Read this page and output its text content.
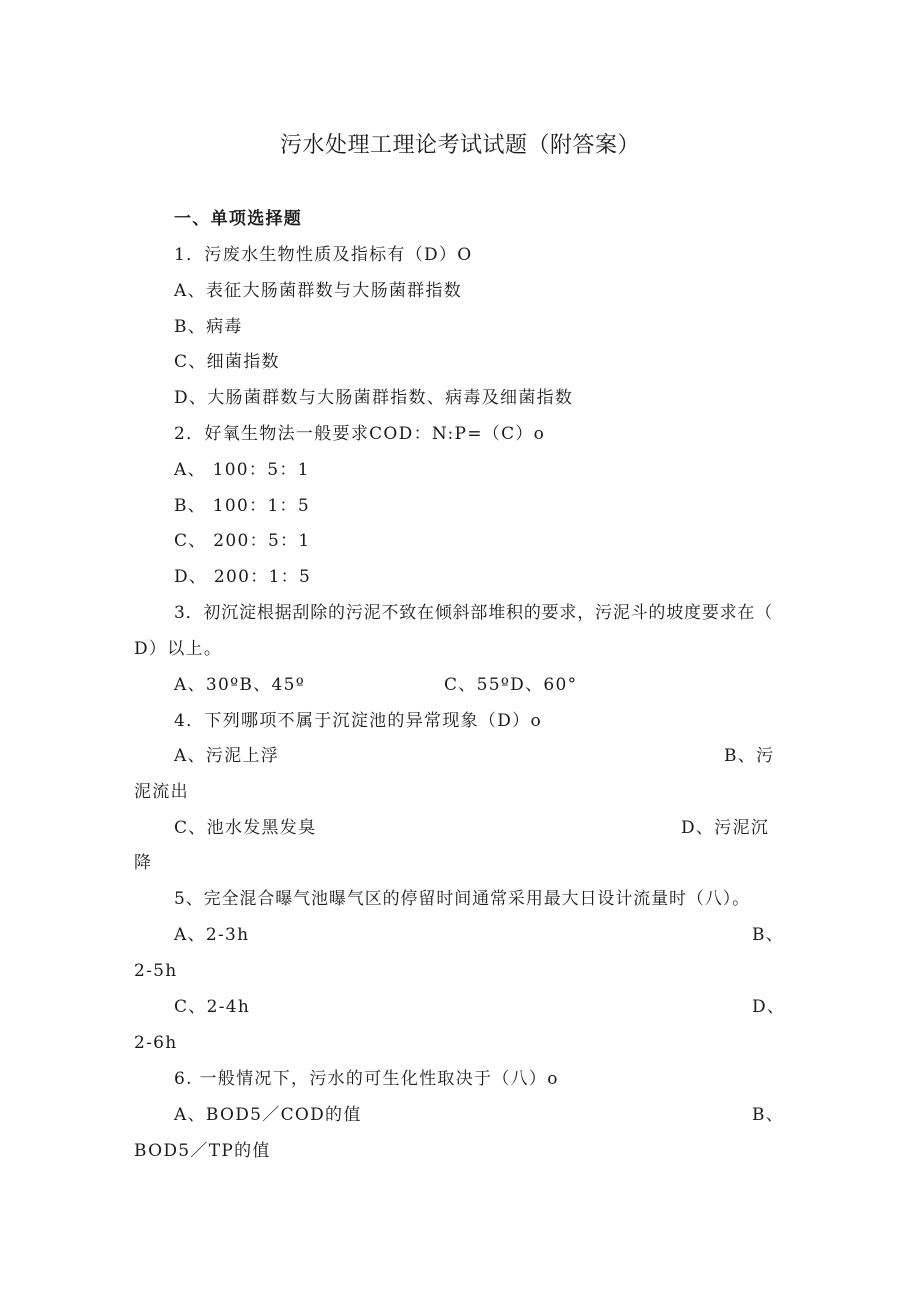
污水处理工理论考试试题（附答案）
一、单项选择题
1．污废水生物性质及指标有（D）O
A、表征大肠菌群数与大肠菌群指数
B、病毒
C、细菌指数
D、大肠菌群数与大肠菌群指数、病毒及细菌指数
2．好氧生物法一般要求COD：N:P=（C）o
A、 100：5：1
B、 100：1：5
C、 200：5：1
D、 200：1：5
3．初沉淀根据刮除的污泥不致在倾斜部堆积的要求，污泥斗的坡度要求在（
D）以上。
A、30ºB、45º	C、55ºD、60°
4．下列哪项不属于沉淀池的异常现象（D）o
A、污泥上浮	B、污
泥流出
C、池水发黑发臭	D、污泥沉
降
5、完全混合曝气池曝气区的停留时间通常采用最大日设计流量时（八）。
A、2-3h	B、
2-5h
C、2-4h	D、
2-6h
6. 一般情况下，污水的可生化性取决于（八）o
A、BOD5／COD的值	B、
BOD5／TP的值
